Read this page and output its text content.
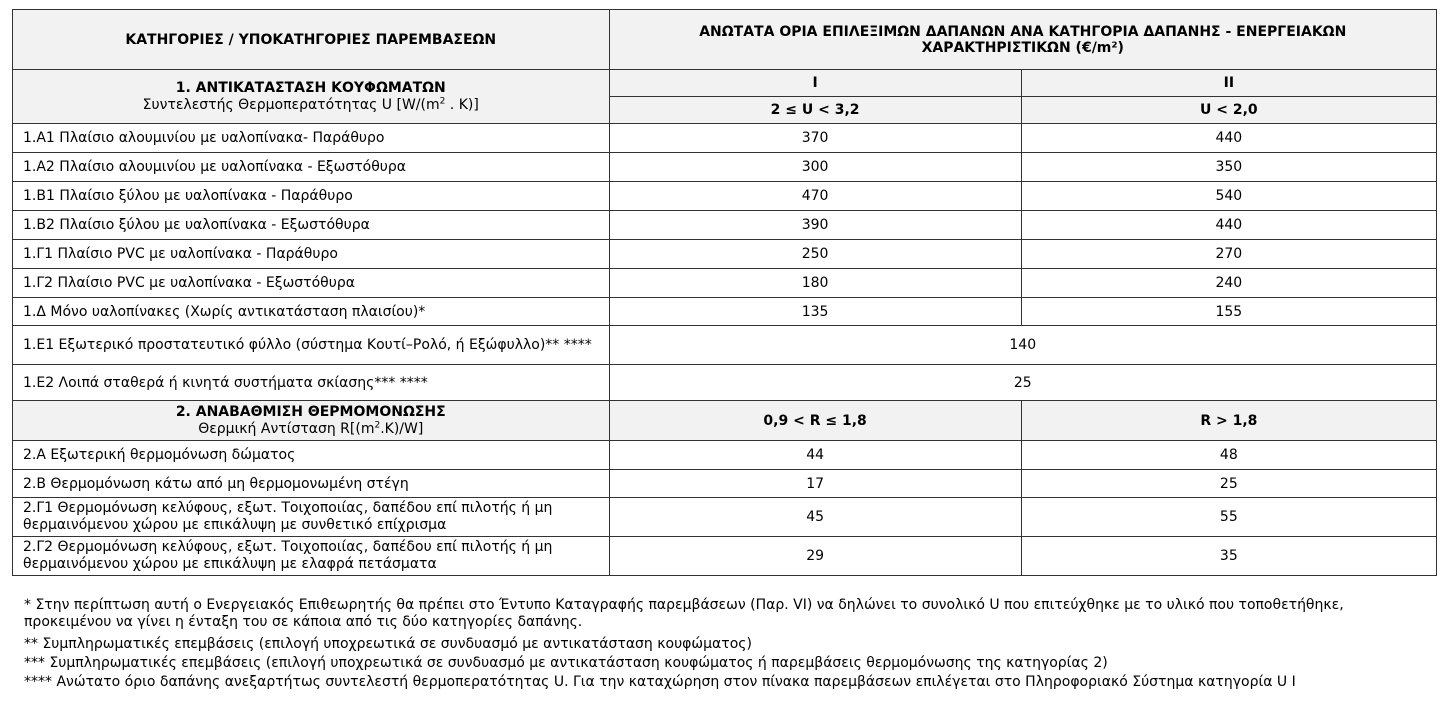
ΚΑΤΗΓΟΡΙΕΣ / ΥΠΟΚΑΤΗΓΟΡΙΕΣ ΠΑΡΕΜΒΑΣΕΩΝ	ΑΝΩΤΑΤΑ ΟΡΙΑ ΕΠΙΛΕΞΙΜΩΝ ΔΑΠΑΝΩΝ ΑΝΑ ΚΑΤΗΓΟΡΙΑ ΔΑΠΑΝΗΣ - ΕΝΕΡΓΕΙΑΚΩΝ
ΧΑΡΑΚΤΗΡΙΣΤΙΚΩΝ (€/m²)	

1. ΑΝΤΙΚΑΤΑΣΤΑΣΗ ΚΟΥΦΩΜΑΤΩΝ
Συντελεστής Θερμοπερατότητας U [$W/(m^2$ . K)]	I	II
	2 ≤ U < 3,2	U < 2,0
1.Α1 Πλαίσιο αλουμινίου με υαλοπίνακα- Παράθυρο	370	440
1.Α2 Πλαίσιο αλουμινίου με υαλοπίνακα - Εξωστόθυρα	300	350
1.Β1 Πλαίσιο ξύλου με υαλοπίνακα - Παράθυρο	470	540
1.Β2 Πλαίσιο ξύλου με υαλοπίνακα - Εξωστόθυρα	390	440
1.Γ1 Πλαίσιο PVC με υαλοπίνακα - Παράθυρο	250	270
1.Γ2 Πλαίσιο PVC με υαλοπίνακα - Εξωστόθυρα	180	240
1.Δ Μόνο υαλοπίνακες (Χωρίς αντικατάσταση πλαισίου)*	135	155
1.Ε1 Εξωτερικό προστατευτικό φύλλο (σύστημα Κουτί–Ρολό, ή Εξώφυλλο)** ****	140	
1.Ε2 Λοιπά σταθερά ή κινητά συστήματα σκίασης*** ****	25	

2. ΑΝΑΒΑΘΜΙΣΗ ΘΕΡΜΟΜΟΝΩΣΗΣ
Θερμική Αντίσταση $R[(m^2.K)/W]$	0,9 < R ≤ 1,8	R > 1,8
2.Α Εξωτερική θερμομόνωση δώματος	44	48
2.Β Θερμομόνωση κάτω από μη θερμομονωμένη στέγη	17	25
2.Γ1 Θερμομόνωση κελύφους, εξωτ. Τοιχοποιίας, δαπέδου επί πιλοτής ή μη θερμαινόμενου χώρου με επικάλυψη με συνθετικό επίχρισμα	45	55
2.Γ2 Θερμομόνωση κελύφους, εξωτ. Τοιχοποιίας, δαπέδου επί πιλοτής ή μη θερμαινόμενου χώρου με επικάλυψη με ελαφρά πετάσματα	29	35
* Στην περίπτωση αυτή ο Ενεργειακός Επιθεωρητής θα πρέπει στο Έντυπο Καταγραφής παρεμβάσεων (Παρ. VI) να δηλώνει το συνολικό U που επιτεύχθηκε με το υλικό που τοποθετήθηκε, προκειμένου να γίνει η ένταξη του σε κάποια από τις δύο κατηγορίες δαπάνης.
** Συμπληρωματικές επεμβάσεις (επιλογή υποχρεωτικά σε συνδυασμό με αντικατάσταση κουφώματος)
*** Συμπληρωματικές επεμβάσεις (επιλογή υποχρεωτικά σε συνδυασμό με αντικατάσταση κουφώματος ή παρεμβάσεις θερμομόνωσης της κατηγορίας 2)
**** Ανώτατο όριο δαπάνης ανεξαρτήτως συντελεστή θερμοπερατότητας U. Για την καταχώρηση στον πίνακα παρεμβάσεων επιλέγεται στο Πληροφοριακό Σύστημα κατηγορία U I
